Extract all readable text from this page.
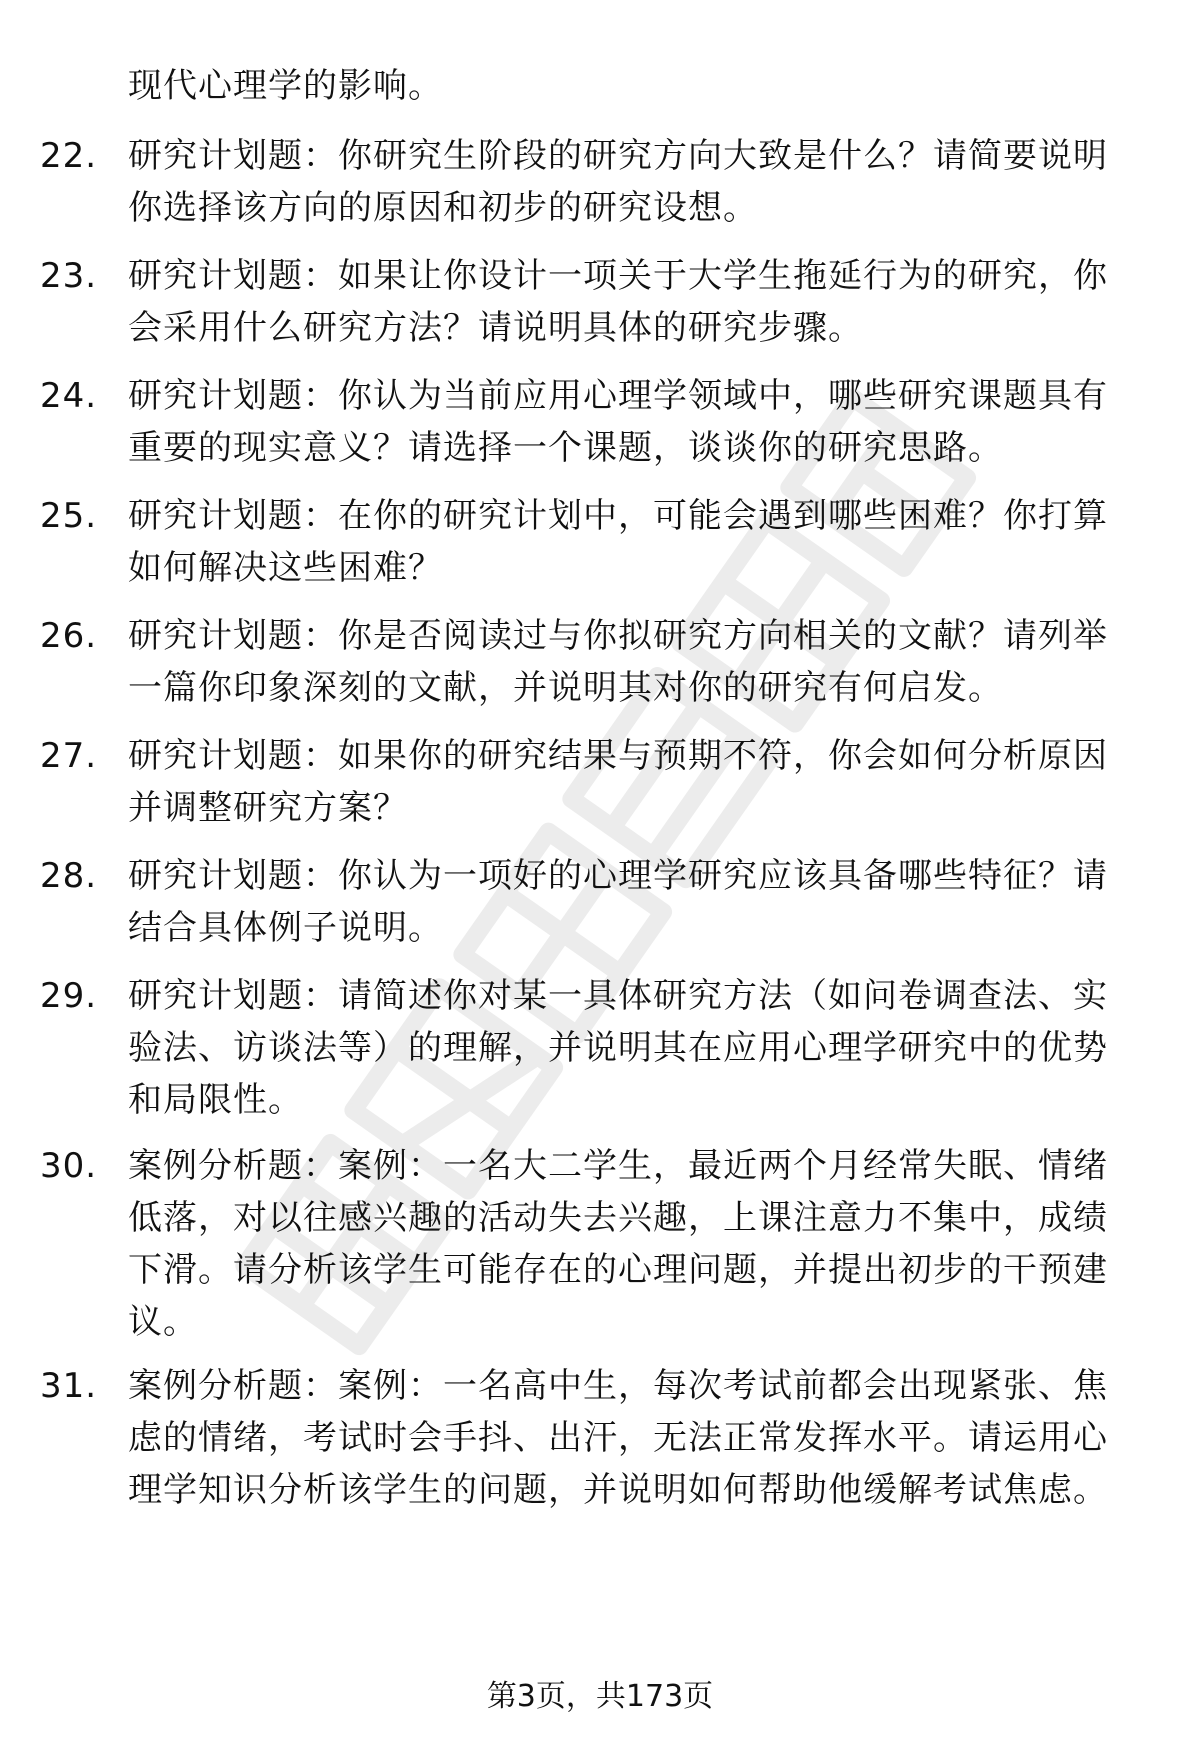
现代心理学的影响。
22. 研究计划题：你研究生阶段的研究方向大致是什么？请简要说明你选择该方向的原因和初步的研究设想。
23. 研究计划题：如果让你设计一项关于大学生拖延行为的研究，你会采用什么研究方法？请说明具体的研究步骤。
24. 研究计划题：你认为当前应用心理学领域中，哪些研究课题具有重要的现实意义？请选择一个课题，谈谈你的研究思路。
25. 研究计划题：在你的研究计划中，可能会遇到哪些困难？你打算如何解决这些困难？
26. 研究计划题：你是否阅读过与你拟研究方向相关的文献？请列举一篇你印象深刻的文献，并说明其对你的研究有何启发。
27. 研究计划题：如果你的研究结果与预期不符，你会如何分析原因并调整研究方案？
28. 研究计划题：你认为一项好的心理学研究应该具备哪些特征？请结合具体例子说明。
29. 研究计划题：请简述你对某一具体研究方法（如问卷调查法、实验法、访谈法等）的理解，并说明其在应用心理学研究中的优势和局限性。
30. 案例分析题：案例：一名大二学生，最近两个月经常失眠、情绪低落，对以往感兴趣的活动失去兴趣，上课注意力不集中，成绩下滑。请分析该学生可能存在的心理问题，并提出初步的干预建议。
31. 案例分析题：案例：一名高中生，每次考试前都会出现紧张、焦虑的情绪，考试时会手抖、出汗，无法正常发挥水平。请运用心理学知识分析该学生的问题，并说明如何帮助他缓解考试焦虑。
第3页，共173页
